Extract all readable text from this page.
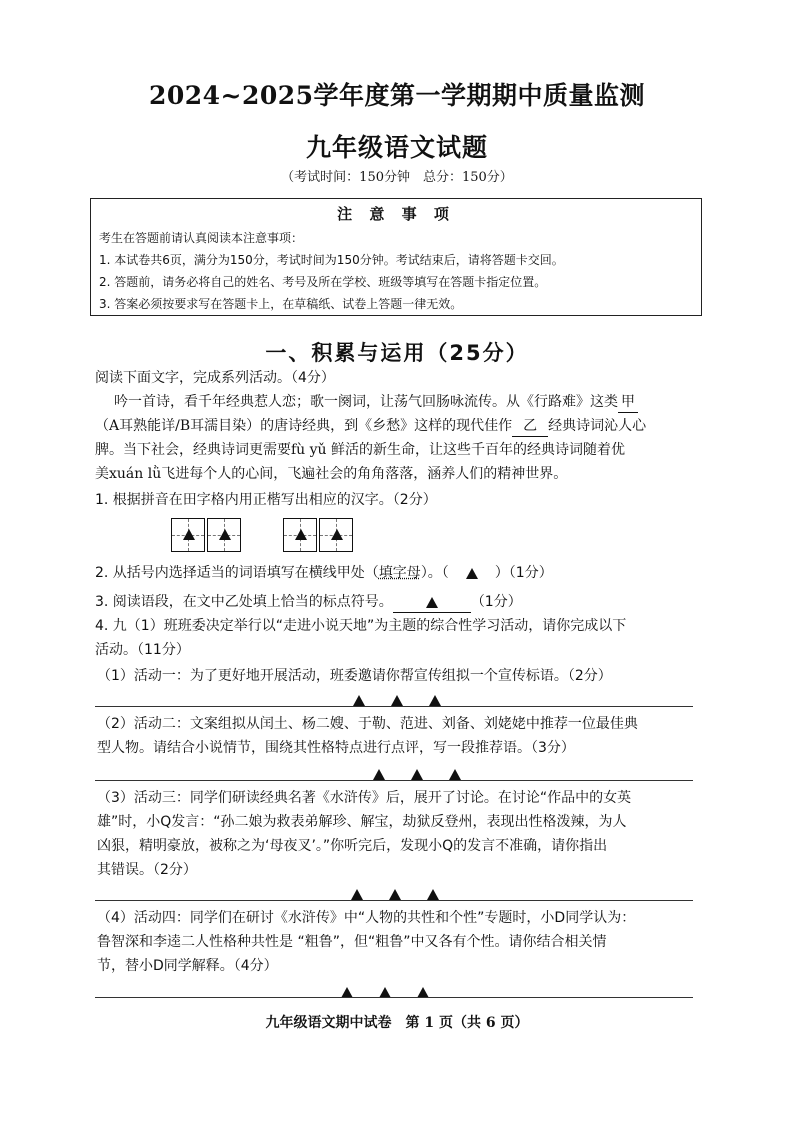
2024~2025学年度第一学期期中质量监测
九年级语文试题
（考试时间：150分钟　总分：150分）
注 意 事 项
考生在答题前请认真阅读本注意事项：
1. 本试卷共6页，满分为150分，考试时间为150分钟。考试结束后，请将答题卡交回。
2. 答题前，请务必将自己的姓名、考号及所在学校、班级等填写在答题卡指定位置。
3. 答案必须按要求写在答题卡上，在草稿纸、试卷上答题一律无效。
一、积累与运用（25分）
阅读下面文字，完成系列活动。（4分）
吟一首诗，看千年经典惹人恋；歌一阕词，让荡气回肠咏流传。从《行路难》这类 甲
（A耳熟能详/B耳濡目染）的唐诗经典，到《乡愁》这样的现代佳作 乙 经典诗词沁人心
脾。当下社会，经典诗词更需要fù yǔ 鲜活的新生命，让这些千百年的经典诗词随着优
美xuán lǜ飞进每个人的心间，飞遍社会的角角落落，涵养人们的精神世界。
1. 根据拼音在田字格内用正楷写出相应的汉字。（2分）
2. 从括号内选择适当的词语填写在横线甲处（填字母）。（	）（1分）
3. 阅读语段，在文中乙处填上恰当的标点符号。	（1分）
4. 九（1）班班委决定举行以“走进小说天地”为主题的综合性学习活动，请你完成以下
活动。（11分）
（1）活动一：为了更好地开展活动，班委邀请你帮宣传组拟一个宣传标语。（2分）
（2）活动二：文案组拟从闰土、杨二嫂、于勒、范进、刘备、刘姥姥中推荐一位最佳典
型人物。请结合小说情节，围绕其性格特点进行点评，写一段推荐语。（3分）
（3）活动三：同学们研读经典名著《水浒传》后，展开了讨论。在讨论“作品中的女英
雄”时，小Q发言：“孙二娘为救表弟解珍、解宝，劫狱反登州，表现出性格泼辣，为人
凶狠，精明豪放，被称之为‘母夜叉’。”你听完后，发现小Q的发言不准确，请你指出
其错误。（2分）
（4）活动四：同学们在研讨《水浒传》中“人物的共性和个性”专题时，小D同学认为：
鲁智深和李逵二人性格种共性是 “粗鲁”，但“粗鲁”中又各有个性。请你结合相关情
节，替小D同学解释。（4分）
九年级语文期中试卷　第 1 页（共 6 页）
